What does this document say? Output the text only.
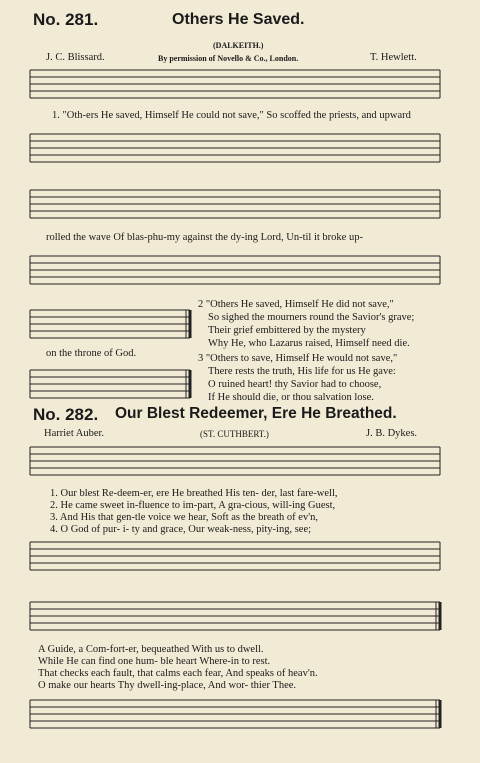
No. 281.	Others He Saved.
(DALKEITH.)
J. C. Blissard.	By permission of Novello & Co., London.	T. Hewlett.
1. "Oth-ers He saved, Himself He could not save," So scoffed the priests, and upward
rolled the wave Of blas-phu-my against the dy-ing Lord, Un-til it broke up-
on the throne of God.
2 "Others He saved, Himself He did not save,"
So sighed the mourners round the Savior's grave;
Their grief embittered by the mystery
Why He, who Lazarus raised, Himself need die.
3 "Others to save, Himself He would not save,"
There rests the truth, His life for us He gave:
O ruined heart! thy Savior had to choose,
If He should die, or thou salvation lose.
No. 282. Our Blest Redeemer, Ere He Breathed.
Harriet Auber.	(ST. CUTHBERT.)	J. B. Dykes.
1. Our blest Re-deem-er, ere He breathed His ten- der, last fare-well,
2. He came sweet in-fluence to im-part, A gra-cious, will-ing Guest,
3. And His that gen-tle voice we hear, Soft as the breath of ev'n,
4. O God of pur- i- ty and grace, Our weak-ness, pity-ing, see;
A Guide, a Com-fort-er, bequeathed With us to dwell.
While He can find one hum- ble heart Where-in to rest.
That checks each fault, that calms each fear, And speaks of heav'n.
O make our hearts Thy dwell-ing-place, And wor- thier Thee.
